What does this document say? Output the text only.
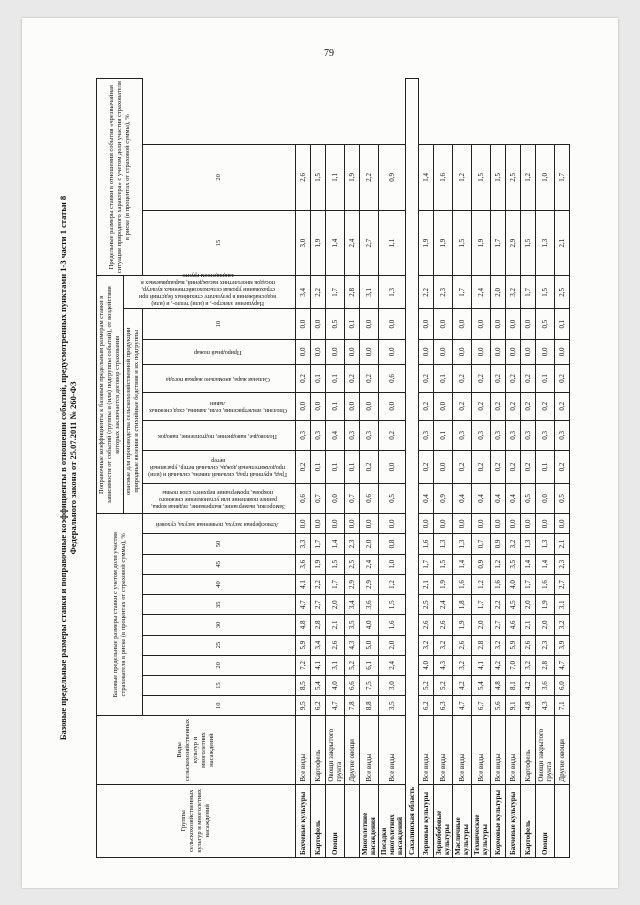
79
Базовые предельные размеры ставки и поправочные коэффициенты в отношении событий, предусмотренных пунктами 1-3 части 1 статьи 8
Федерального закона от 25.07.2011 № 260-ФЗ
Группы сельскохозяйственных культур и многолетних насаждений	Виды сельскохозяйственных культур и многолетних насаждений	Базовые предельные размеры ставки с учетом доли участия страхователя в риске (в процентах от страховой суммы), %										Поправочные коэффициенты к базовым предельным размерам ставки в зависимости от событий (группы и (или) подгруппы событий), от воздействия которых заключается договор страхования								Предельные размеры ставки в отношении события «чрезвычайная ситуация природного характера» с учетом доли участия страхователя в риске (в процентах от страховой суммы), %	
												опасные для производства сельскохозяйственной продукции природные явления и стихийные бедствия и их подгруппы							Нарушение электро-, и (или) тепло-, и (или) водоснабжения в результате стихийных бедствий при страховании урожая сельскохозяйственных культур, посадок многолетних насаждений, выращиваемых в защищенном грунте		
		10	15	20	25	30	35	40	45	50	Атмосферная засуха, почвенная засуха, суховей	Заморозки, вымерзание, выпревание, ледяная корка, раннее появление или установление снежного покрова, промерзание верхнего слоя почвы	Град, крупный град, сильный ливень, сильный и (или) продолжительный дождь, сильный ветер, ураганный ветер	Половодье, наводнение, подтопление, паводок	Оползни, землетрясения, сели, лавины, сход снежных лавин	Сильная жара, аномально жаркая погода	Природный пожар	10		15	20
Бахчевые культуры	Все виды	9,5	8,5	7,2	5,9	4,8	4,7	4,1	3,6	3,3	0,0	0,6	0,2	0,3	0,0	0,2	0,0	0,0	3,4	3,0	2,6
Картофель	Картофель	6,2	5,4	4,1	3,4	2,8	2,7	2,2	1,9	1,7	0,0	0,7	0,1	0,3	0,0	0,1	0,0	0,0	2,2	1,9	1,5
Овощи	Овощи закрытого грунта	4,7	4,0	3,1	2,6	2,1	2,0	1,7	1,5	1,4	0,0	0,0	0,1	0,4	0,1	0,1	0,0	0,5	1,7	1,4	1,1
	Другие овощи	7,8	6,6	5,2	4,3	3,5	3,4	2,9	2,5	2,3	0,0	0,7	0,1	0,3	0,0	0,2	0,0	0,1	2,8	2,4	1,9
Многолетние насаждения	Все виды	8,8	7,5	6,1	5,0	4,0	3,6	2,9	2,4	2,0	0,0	0,6	0,2	0,3	0,0	0,2	0,0	0,0	3,1	2,7	2,2
Посадки многолетних насаждений	Все виды	3,5	3,0	2,4	2,0	1,6	1,5	1,2	1,0	0,8	0,0	0,5	0,0	0,2	0,0	0,6	0,0	0,0	1,3	1,1	0,9
Сахалинская область																					
Зерновые культуры	Все виды	6,2	5,2	4,0	3,2	2,6	2,5	2,1	1,7	1,6	0,0	0,4	0,2	0,3	0,2	0,2	0,0	0,0	2,2	1,9	1,4
Зернобобовые культуры	Все виды	6,3	5,2	4,3	3,2	2,6	2,4	1,9	1,5	1,3	0,0	0,9	0,0	0,1	0,0	0,1	0,0	0,0	2,3	1,9	1,6
Масличные культуры	Все виды	4,7	4,2	3,2	2,6	1,9	1,8	1,6	1,4	1,3	0,0	0,4	0,2	0,3	0,2	0,2	0,0	0,0	1,7	1,5	1,2
Технические культуры	Все виды	6,7	5,4	4,1	2,8	2,0	1,7	1,2	0,9	0,7	0,0	0,4	0,2	0,3	0,2	0,2	0,0	0,0	2,4	1,9	1,5
Кормовые культуры	Все виды	5,6	4,8	4,2	3,2	2,7	2,2	1,6	1,2	0,9	0,0	0,4	0,2	0,3	0,2	0,2	0,0	0,0	2,0	1,7	1,5
Бахчевые культуры	Все виды	9,1	8,1	7,0	5,9	4,6	4,5	4,0	3,5	3,2	0,0	0,4	0,2	0,3	0,2	0,2	0,0	0,0	3,2	2,9	2,5
Картофель	Картофель	4,8	4,2	3,2	2,6	2,1	2,0	1,7	1,4	1,3	0,0	0,5	0,2	0,3	0,2	0,2	0,0	0,0	1,7	1,5	1,2
Овощи	Овощи закрытого грунта	4,3	3,6	2,8	2,3	2,0	1,9	1,6	1,4	1,3	0,0	0,0	0,1	0,3	0,2	0,1	0,0	0,5	1,5	1,3	1,0
	Другие овощи	7,1	6,0	4,7	3,9	3,2	3,1	2,7	2,3	2,1	0,0	0,5	0,2	0,3	0,2	0,2	0,0	0,1	2,5	2,1	1,7
